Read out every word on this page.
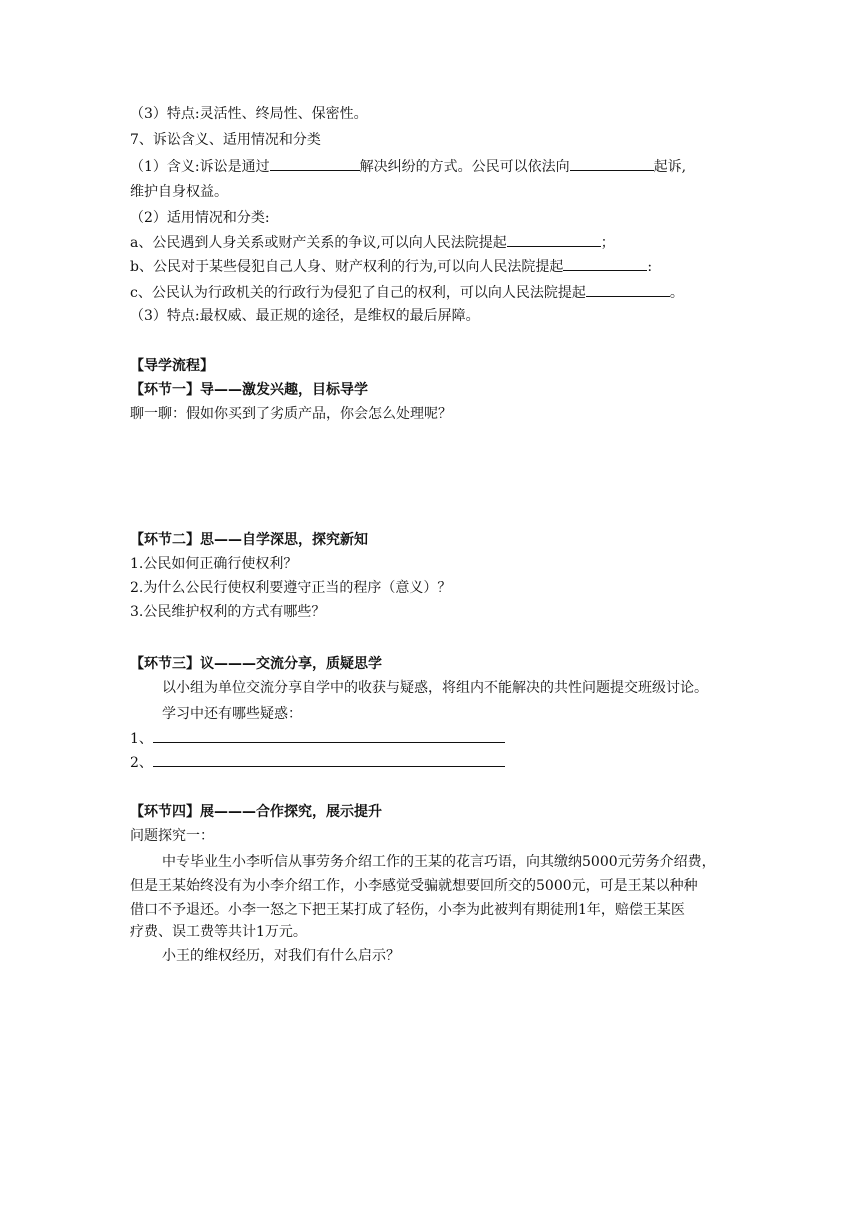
（3）特点:灵活性、终局性、保密性。
7、诉讼含义、适用情况和分类
（1）含义:诉讼是通过	解决纠纷的方式。公民可以依法向	起诉,
维护自身权益。
（2）适用情况和分类:
a、公民遇到人身关系或财产关系的争议,可以向人民法院提起	；
b、公民对于某些侵犯自己人身、财产权利的行为,可以向人民法院提起	:
c、公民认为行政机关的行政行为侵犯了自己的权利，可以向人民法院提起	。
（3）特点:最权威、最正规的途径，是维权的最后屏障。
【导学流程】
【环节一】导——激发兴趣，目标导学
聊一聊：假如你买到了劣质产品，你会怎么处理呢？
【环节二】思——自学深思，探究新知
1.公民如何正确行使权利？
2.为什么公民行使权利要遵守正当的程序（意义）？
3.公民维护权利的方式有哪些？
【环节三】议———交流分享，质疑思学
以小组为单位交流分享自学中的收获与疑惑，将组内不能解决的共性问题提交班级讨论。
学习中还有哪些疑惑：
1、
2、
【环节四】展———合作探究，展示提升
问题探究一：
中专毕业生小李听信从事劳务介绍工作的王某的花言巧语，向其缴纳5000元劳务介绍费，
但是王某始终没有为小李介绍工作，小李感觉受骗就想要回所交的5000元，可是王某以种种
借口不予退还。小李一怒之下把王某打成了轻伤，小李为此被判有期徒刑1年，赔偿王某医
疗费、误工费等共计1万元。
小王的维权经历，对我们有什么启示？
